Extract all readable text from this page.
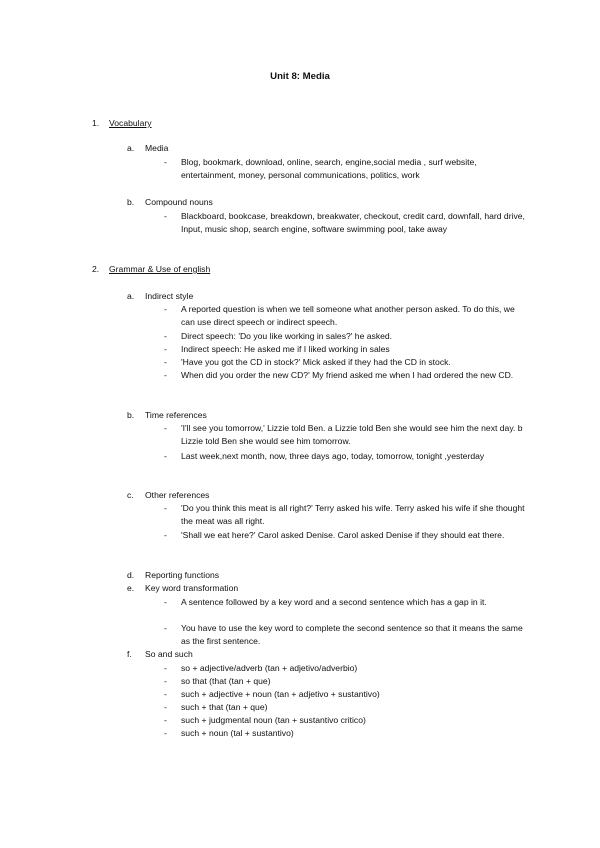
Unit 8: Media
1.	Vocabulary
a. Media
-	Blog, bookmark, download, online, search, engine,social media , surf website, entertainment, money, personal communications, politics, work
b. Compound nouns
-	Blackboard, bookcase, breakdown, breakwater, checkout, credit card, downfall, hard drive, Input, music shop, search engine, software swimming pool, take away
2.	Grammar & Use of english
a. Indirect style
-	A reported question is when we tell someone what another person asked. To do this, we can use direct speech or indirect speech.
-	Direct speech: 'Do you like working in sales?' he asked.
-	Indirect speech: He asked me if I liked working in sales
-	'Have you got the CD in stock?' Mick asked if they had the CD in stock.
-	When did you order the new CD?' My friend asked me when I had ordered the new CD.
b. Time references
-	'I'll see you tomorrow,' Lizzie told Ben. a Lizzie told Ben she would see him the next day. b Lizzie told Ben she would see him tomorrow.
-	Last week,next month, now, three days ago, today, tomorrow, tonight ,yesterday
c. Other references
-	'Do you think this meat is all right?' Terry asked his wife. Terry asked his wife if she thought the meat was all right.
-	'Shall we eat here?' Carol asked Denise. Carol asked Denise if they should eat there.
d. Reporting functions
e. Key word transformation
-	A sentence followed by a key word and a second sentence which has a gap in it.
-	You have to use the key word to complete the second sentence so that it means the same as the first sentence.
f. So and such
-	so + adjective/adverb (tan + adjetivo/adverbio)
-	so that (that (tan + que)
-	such + adjective + noun (tan + adjetivo + sustantivo)
-	such + that (tan + que)
-	such + judgmental noun (tan + sustantivo critico)
-	such + noun (tal + sustantivo)
